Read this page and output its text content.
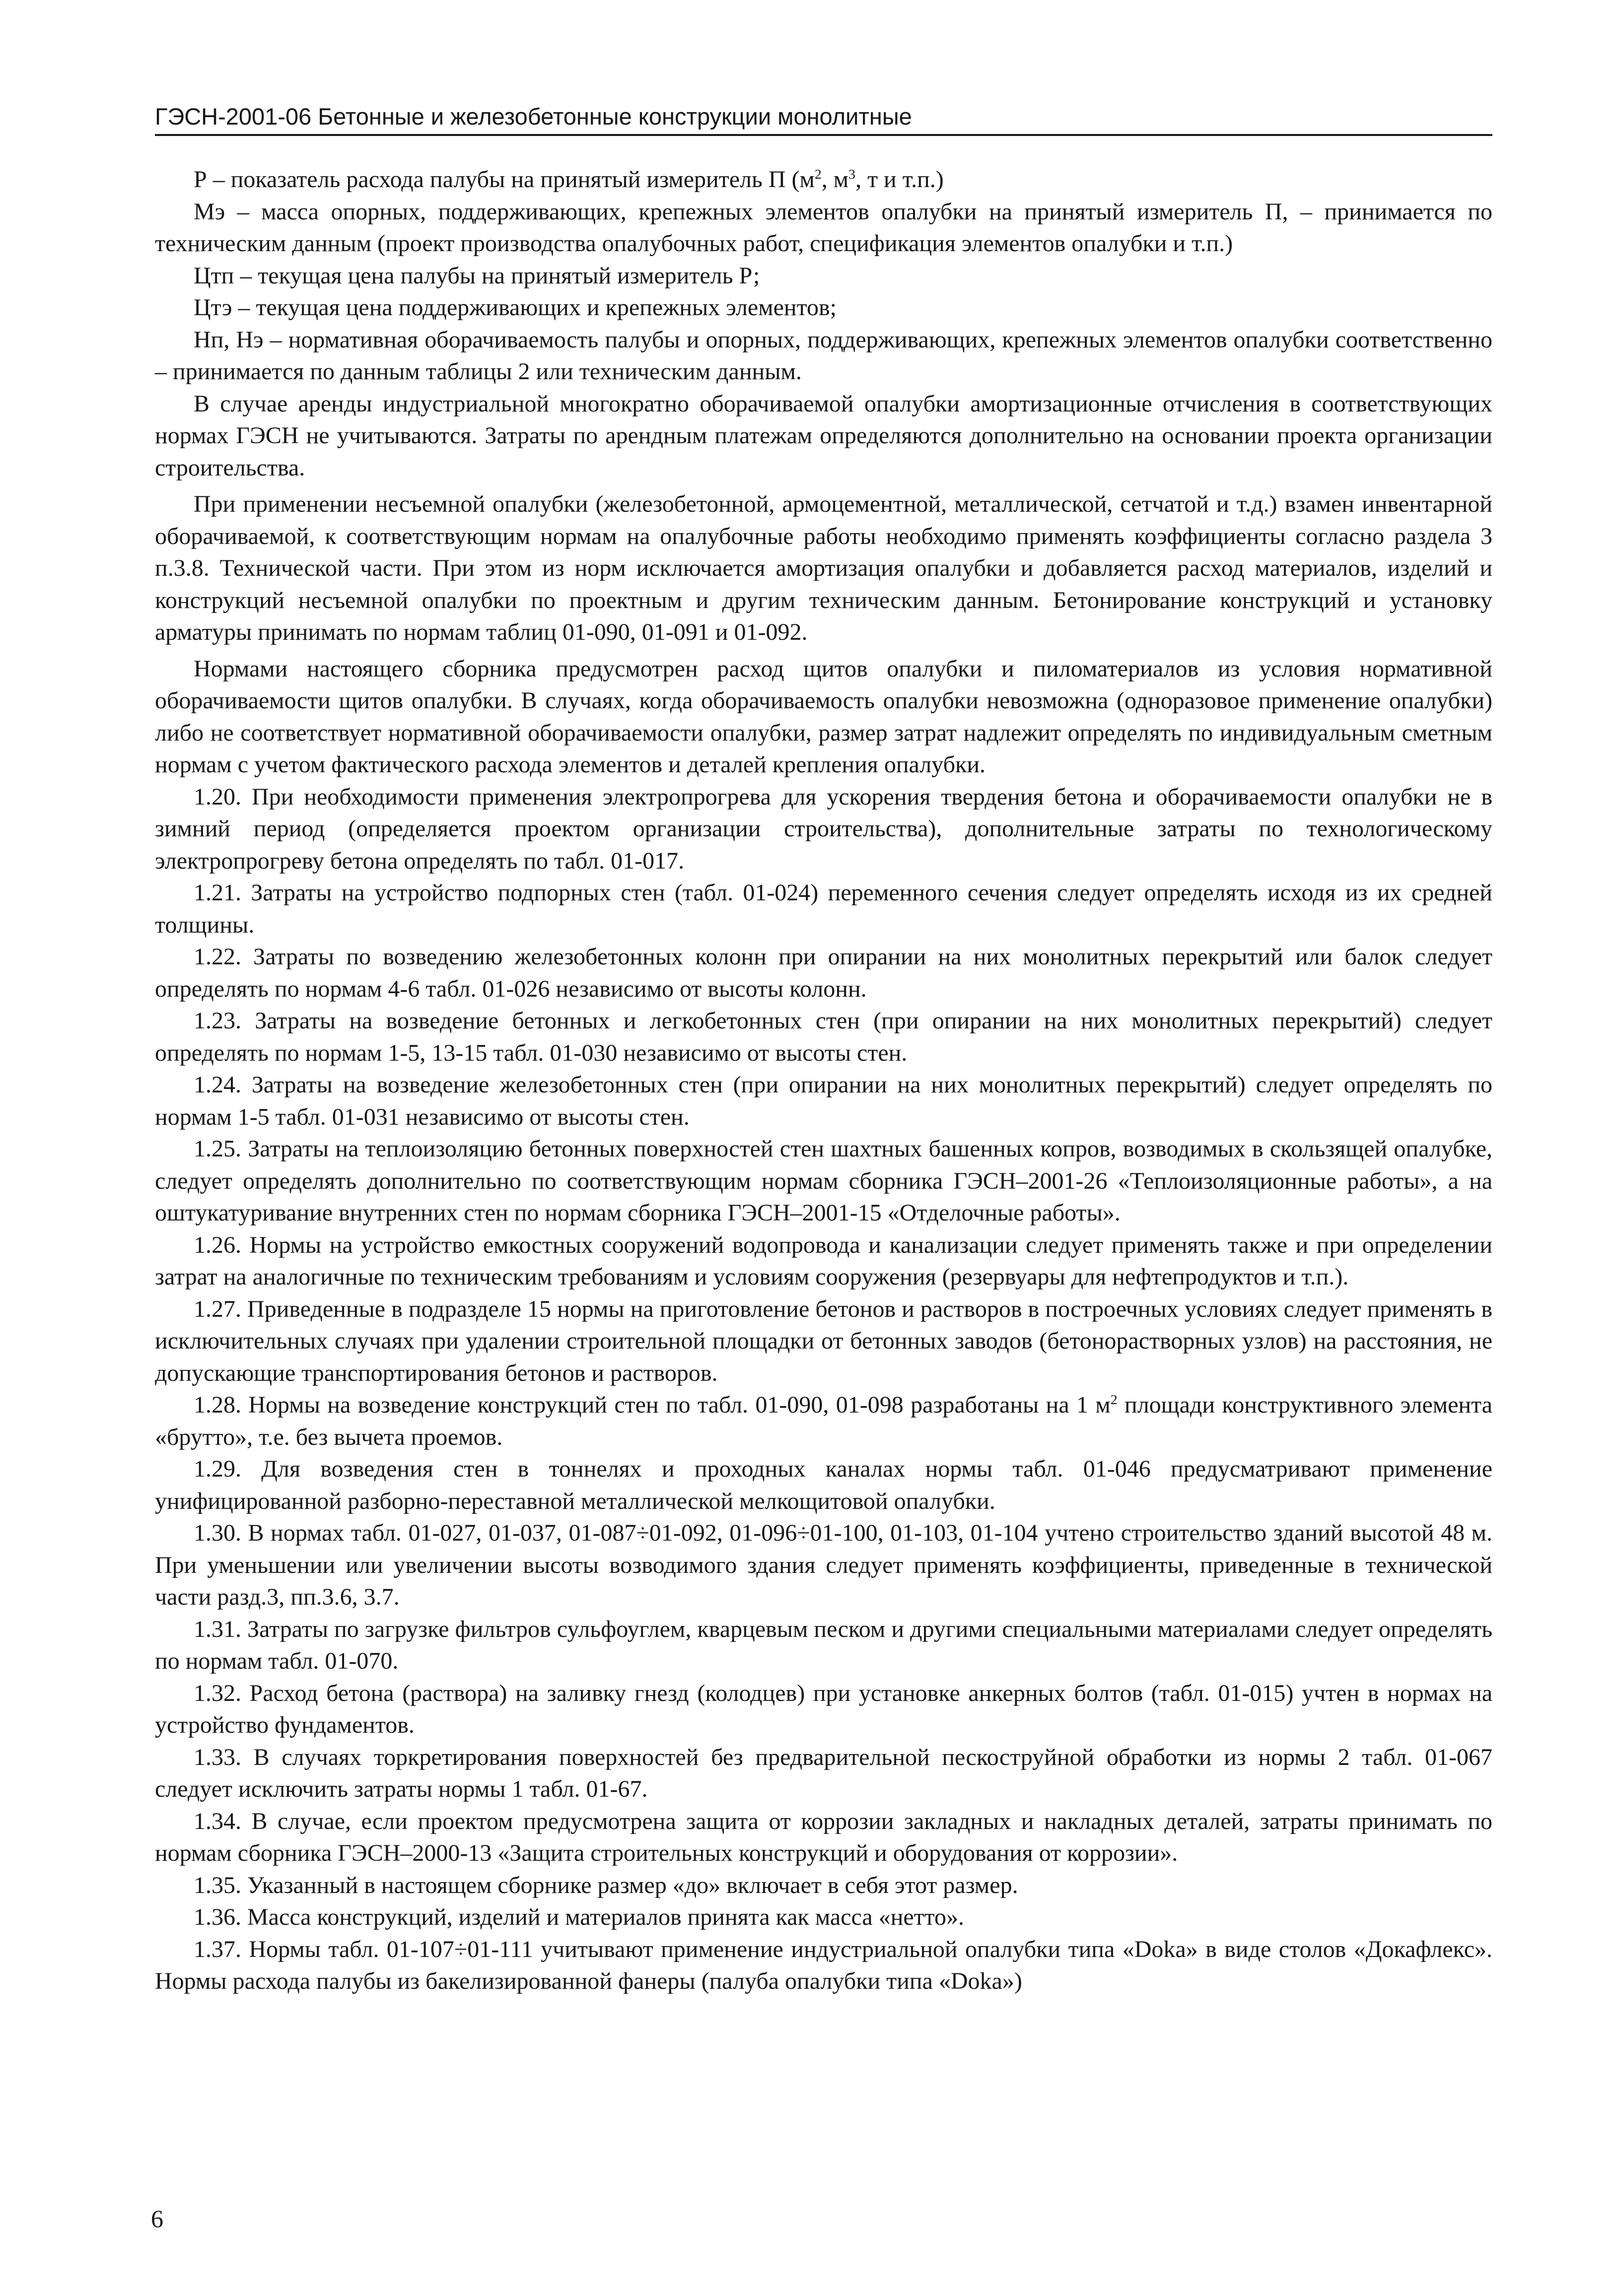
ГЭСН-2001-06 Бетонные и железобетонные конструкции монолитные

Р – показатель расхода палубы на принятый измеритель П ($м^2$, $м^3$, т и т.п.)

Мэ – масса опорных, поддерживающих, крепежных элементов опалубки на принятый измеритель П, – принимается по техническим данным (проект производства опалубочных работ, спецификация элементов опалубки и т.п.)

Цтп – текущая цена палубы на принятый измеритель Р;

Цтэ – текущая цена поддерживающих и крепежных элементов;

Нп, Нэ – нормативная оборачиваемость палубы и опорных, поддерживающих, крепежных элементов опалубки соответственно – принимается по данным таблицы 2 или техническим данным.

В случае аренды индустриальной многократно оборачиваемой опалубки амортизационные отчисления в соответствующих нормах ГЭСН не учитываются. Затраты по арендным платежам определяются дополнительно на основании проекта организации строительства.

При применении несъемной опалубки (железобетонной, армоцементной, металлической, сетчатой и т.д.) взамен инвентарной оборачиваемой, к соответствующим нормам на опалубочные работы необходимо применять коэффициенты согласно раздела 3 п.3.8. Технической части. При этом из норм исключается амортизация опалубки и добавляется расход материалов, изделий и конструкций несъемной опалубки по проектным и другим техническим данным. Бетонирование конструкций и установку арматуры принимать по нормам таблиц 01-090, 01-091 и 01-092.

Нормами настоящего сборника предусмотрен расход щитов опалубки и пиломатериалов из условия нормативной оборачиваемости щитов опалубки. В случаях, когда оборачиваемость опалубки невозможна (одноразовое применение опалубки) либо не соответствует нормативной оборачиваемости опалубки, размер затрат надлежит определять по индивидуальным сметным нормам с учетом фактического расхода элементов и деталей крепления опалубки.

1.20. При необходимости применения электропрогрева для ускорения твердения бетона и оборачиваемости опалубки не в зимний период (определяется проектом организации строительства), дополнительные затраты по технологическому электропрогреву бетона определять по табл. 01-017.

1.21. Затраты на устройство подпорных стен (табл. 01-024) переменного сечения следует определять исходя из их средней толщины.

1.22. Затраты по возведению железобетонных колонн при опирании на них монолитных перекрытий или балок следует определять по нормам 4-6 табл. 01-026 независимо от высоты колонн.

1.23. Затраты на возведение бетонных и легкобетонных стен (при опирании на них монолитных перекрытий) следует определять по нормам 1-5, 13-15 табл. 01-030 независимо от высоты стен.

1.24. Затраты на возведение железобетонных стен (при опирании на них монолитных перекрытий) следует определять по нормам 1-5 табл. 01-031 независимо от высоты стен.

1.25. Затраты на теплоизоляцию бетонных поверхностей стен шахтных башенных копров, возводимых в скользящей опалубке, следует определять дополнительно по соответствующим нормам сборника ГЭСН–2001-26 «Теплоизоляционные работы», а на оштукатуривание внутренних стен по нормам сборника ГЭСН–2001-15 «Отделочные работы».

1.26. Нормы на устройство емкостных сооружений водопровода и канализации следует применять также и при определении затрат на аналогичные по техническим требованиям и условиям сооружения (резервуары для нефтепродуктов и т.п.).

1.27. Приведенные в подразделе 15 нормы на приготовление бетонов и растворов в построечных условиях следует применять в исключительных случаях при удалении строительной площадки от бетонных заводов (бетонорастворных узлов) на расстояния, не допускающие транспортирования бетонов и растворов.

1.28. Нормы на возведение конструкций стен по табл. 01-090, 01-098 разработаны на 1 $м^2$ площади конструктивного элемента «брутто», т.е. без вычета проемов.

1.29. Для возведения стен в тоннелях и проходных каналах нормы табл. 01-046 предусматривают применение унифицированной разборно-переставной металлической мелкощитовой опалубки.

1.30. В нормах табл. 01-027, 01-037, 01-087÷01-092, 01-096÷01-100, 01-103, 01-104 учтено строительство зданий высотой 48 м. При уменьшении или увеличении высоты возводимого здания следует применять коэффициенты, приведенные в технической части разд.3, пп.3.6, 3.7.

1.31. Затраты по загрузке фильтров сульфоуглем, кварцевым песком и другими специальными материалами следует определять по нормам табл. 01-070.

1.32. Расход бетона (раствора) на заливку гнезд (колодцев) при установке анкерных болтов (табл. 01-015) учтен в нормах на устройство фундаментов.

1.33. В случаях торкретирования поверхностей без предварительной пескоструйной обработки из нормы 2 табл. 01-067 следует исключить затраты нормы 1 табл. 01-67.

1.34. В случае, если проектом предусмотрена защита от коррозии закладных и накладных деталей, затраты принимать по нормам сборника ГЭСН–2000-13 «Защита строительных конструкций и оборудования от коррозии».

1.35. Указанный в настоящем сборнике размер «до» включает в себя этот размер.

1.36. Масса конструкций, изделий и материалов принята как масса «нетто».

1.37. Нормы табл. 01-107÷01-111 учитывают применение индустриальной опалубки типа «Doka» в виде столов «Докафлекс». Нормы расхода палубы из бакелизированной фанеры (палуба опалубки типа «Doka»)

6
